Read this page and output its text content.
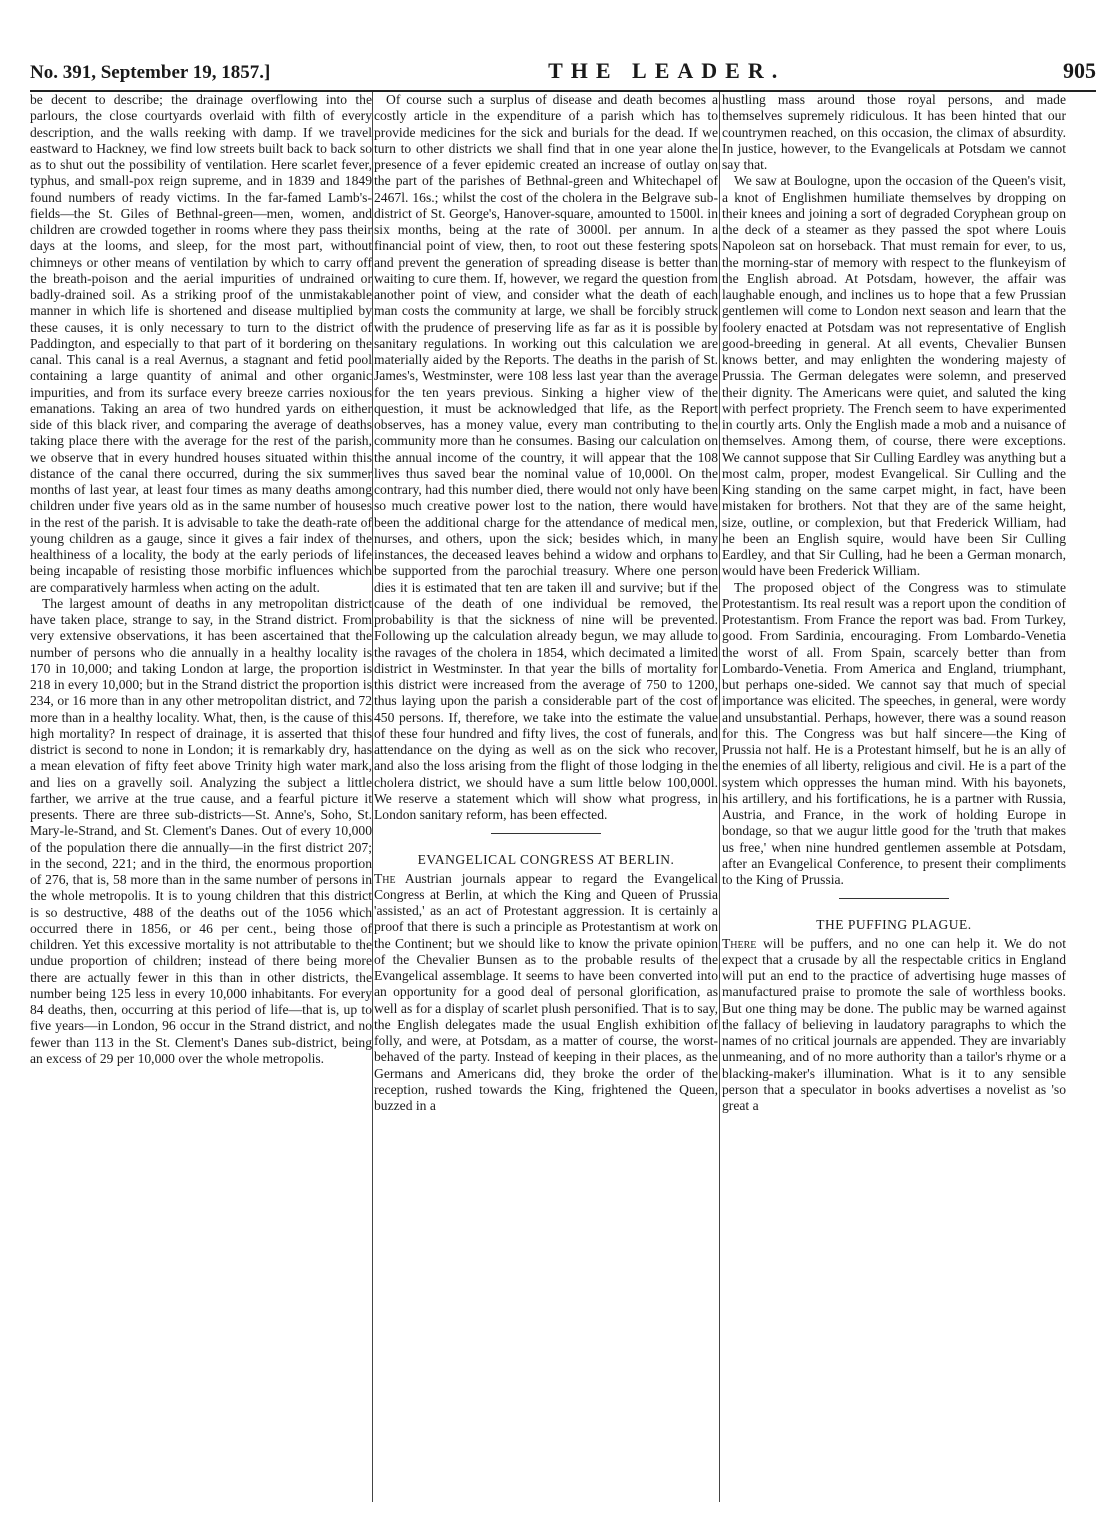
No. 391, September 19, 1857.]	THE LEADER.	905

be decent to describe; the drainage overflowing into the parlours, the close courtyards overlaid with filth of every description, and the walls reeking with damp. If we travel eastward to Hackney, we find low streets built back to back so as to shut out the possibility of ventilation. Here scarlet fever, typhus, and small-pox reign supreme, and in 1839 and 1849 found numbers of ready victims. In the far-famed Lamb's-fields—the St. Giles of Bethnal-green—men, women, and children are crowded together in rooms where they pass their days at the looms, and sleep, for the most part, without chimneys or other means of ventilation by which to carry off the breath-poison and the aerial impurities of undrained or badly-drained soil. As a striking proof of the unmistakable manner in which life is shortened and disease multiplied by these causes, it is only necessary to turn to the district of Paddington, and especially to that part of it bordering on the canal. This canal is a real Avernus, a stagnant and fetid pool containing a large quantity of animal and other organic impurities, and from its surface every breeze carries noxious emanations. Taking an area of two hundred yards on either side of this black river, and comparing the average of deaths taking place there with the average for the rest of the parish, we observe that in every hundred houses situated within this distance of the canal there occurred, during the six summer months of last year, at least four times as many deaths among children under five years old as in the same number of houses in the rest of the parish. It is advisable to take the death-rate of young children as a gauge, since it gives a fair index of the healthiness of a locality, the body at the early periods of life being incapable of resisting those morbific influences which are comparatively harmless when acting on the adult.

The largest amount of deaths in any metropolitan district have taken place, strange to say, in the Strand district. From very extensive observations, it has been ascertained that the number of persons who die annually in a healthy locality is 170 in 10,000; and taking London at large, the proportion is 218 in every 10,000; but in the Strand district the proportion is 234, or 16 more than in any other metropolitan district, and 72 more than in a healthy locality. What, then, is the cause of this high mortality? In respect of drainage, it is asserted that this district is second to none in London; it is remarkably dry, has a mean elevation of fifty feet above Trinity high water mark, and lies on a gravelly soil. Analyzing the subject a little farther, we arrive at the true cause, and a fearful picture it presents. There are three sub-districts—St. Anne's, Soho, St. Mary-le-Strand, and St. Clement's Danes. Out of every 10,000 of the population there die annually—in the first district 207; in the second, 221; and in the third, the enormous proportion of 276, that is, 58 more than in the same number of persons in the whole metropolis. It is to young children that this district is so destructive, 488 of the deaths out of the 1056 which occurred there in 1856, or 46 per cent., being those of children. Yet this excessive mortality is not attributable to the undue proportion of children; instead of there being more there are actually fewer in this than in other districts, the number being 125 less in every 10,000 inhabitants. For every 84 deaths, then, occurring at this period of life—that is, up to five years—in London, 96 occur in the Strand district, and no fewer than 113 in the St. Clement's Danes sub-district, being an excess of 29 per 10,000 over the whole metropolis.

Of course such a surplus of disease and death becomes a costly article in the expenditure of a parish which has to provide medicines for the sick and burials for the dead. If we turn to other districts we shall find that in one year alone the presence of a fever epidemic created an increase of outlay on the part of the parishes of Bethnal-green and Whitechapel of 2467l. 16s.; whilst the cost of the cholera in the Belgrave sub-district of St. George's, Hanover-square, amounted to 1500l. in six months, being at the rate of 3000l. per annum. In a financial point of view, then, to root out these festering spots and prevent the generation of spreading disease is better than waiting to cure them. If, however, we regard the question from another point of view, and consider what the death of each man costs the community at large, we shall be forcibly struck with the prudence of preserving life as far as it is possible by sanitary regulations. In working out this calculation we are materially aided by the Reports. The deaths in the parish of St. James's, Westminster, were 108 less last year than the average for the ten years previous. Sinking a higher view of the question, it must be acknowledged that life, as the Report observes, has a money value, every man contributing to the community more than he consumes. Basing our calculation on the annual income of the country, it will appear that the 108 lives thus saved bear the nominal value of 10,000l. On the contrary, had this number died, there would not only have been so much creative power lost to the nation, there would have been the additional charge for the attendance of medical men, nurses, and others, upon the sick; besides which, in many instances, the deceased leaves behind a widow and orphans to be supported from the parochial treasury. Where one person dies it is estimated that ten are taken ill and survive; but if the cause of the death of one individual be removed, the probability is that the sickness of nine will be prevented. Following up the calculation already begun, we may allude to the ravages of the cholera in 1854, which decimated a limited district in Westminster. In that year the bills of mortality for this district were increased from the average of 750 to 1200, thus laying upon the parish a considerable part of the cost of 450 persons. If, therefore, we take into the estimate the value of these four hundred and fifty lives, the cost of funerals, and attendance on the dying as well as on the sick who recover, and also the loss arising from the flight of those lodging in the cholera district, we should have a sum little below 100,000l. We reserve a statement which will show what progress, in London sanitary reform, has been effected.

EVANGELICAL CONGRESS AT BERLIN.

The Austrian journals appear to regard the Evangelical Congress at Berlin, at which the King and Queen of Prussia 'assisted,' as an act of Protestant aggression. It is certainly a proof that there is such a principle as Protestantism at work on the Continent; but we should like to know the private opinion of the Chevalier Bunsen as to the probable results of the Evangelical assemblage. It seems to have been converted into an opportunity for a good deal of personal glorification, as well as for a display of scarlet plush personified. That is to say, the English delegates made the usual English exhibition of folly, and were, at Potsdam, as a matter of course, the worst-behaved of the party. Instead of keeping in their places, as the Germans and Americans did, they broke the order of the reception, rushed towards the King, frightened the Queen, buzzed in a

hustling mass around those royal persons, and made themselves supremely ridiculous. It has been hinted that our countrymen reached, on this occasion, the climax of absurdity. In justice, however, to the Evangelicals at Potsdam we cannot say that.

We saw at Boulogne, upon the occasion of the Queen's visit, a knot of Englishmen humiliate themselves by dropping on their knees and joining a sort of degraded Coryphean group on the deck of a steamer as they passed the spot where Louis Napoleon sat on horseback. That must remain for ever, to us, the morning-star of memory with respect to the flunkeyism of the English abroad. At Potsdam, however, the affair was laughable enough, and inclines us to hope that a few Prussian gentlemen will come to London next season and learn that the foolery enacted at Potsdam was not representative of English good-breeding in general. At all events, Chevalier Bunsen knows better, and may enlighten the wondering majesty of Prussia. The German delegates were solemn, and preserved their dignity. The Americans were quiet, and saluted the king with perfect propriety. The French seem to have experimented in courtly arts. Only the English made a mob and a nuisance of themselves. Among them, of course, there were exceptions. We cannot suppose that Sir Culling Eardley was anything but a most calm, proper, modest Evangelical. Sir Culling and the King standing on the same carpet might, in fact, have been mistaken for brothers. Not that they are of the same height, size, outline, or complexion, but that Frederick William, had he been an English squire, would have been Sir Culling Eardley, and that Sir Culling, had he been a German monarch, would have been Frederick William.

The proposed object of the Congress was to stimulate Protestantism. Its real result was a report upon the condition of Protestantism. From France the report was bad. From Turkey, good. From Sardinia, encouraging. From Lombardo-Venetia the worst of all. From Spain, scarcely better than from Lombardo-Venetia. From America and England, triumphant, but perhaps one-sided. We cannot say that much of special importance was elicited. The speeches, in general, were wordy and unsubstantial. Perhaps, however, there was a sound reason for this. The Congress was but half sincere—the King of Prussia not half. He is a Protestant himself, but he is an ally of the enemies of all liberty, religious and civil. He is a part of the system which oppresses the human mind. With his bayonets, his artillery, and his fortifications, he is a partner with Russia, Austria, and France, in the work of holding Europe in bondage, so that we augur little good for the 'truth that makes us free,' when nine hundred gentlemen assemble at Potsdam, after an Evangelical Conference, to present their compliments to the King of Prussia.

THE PUFFING PLAGUE.

There will be puffers, and no one can help it. We do not expect that a crusade by all the respectable critics in England will put an end to the practice of advertising huge masses of manufactured praise to promote the sale of worthless books. But one thing may be done. The public may be warned against the fallacy of believing in laudatory paragraphs to which the names of no critical journals are appended. They are invariably unmeaning, and of no more authority than a tailor's rhyme or a blacking-maker's illumination. What is it to any sensible person that a speculator in books advertises a novelist as 'so great a
